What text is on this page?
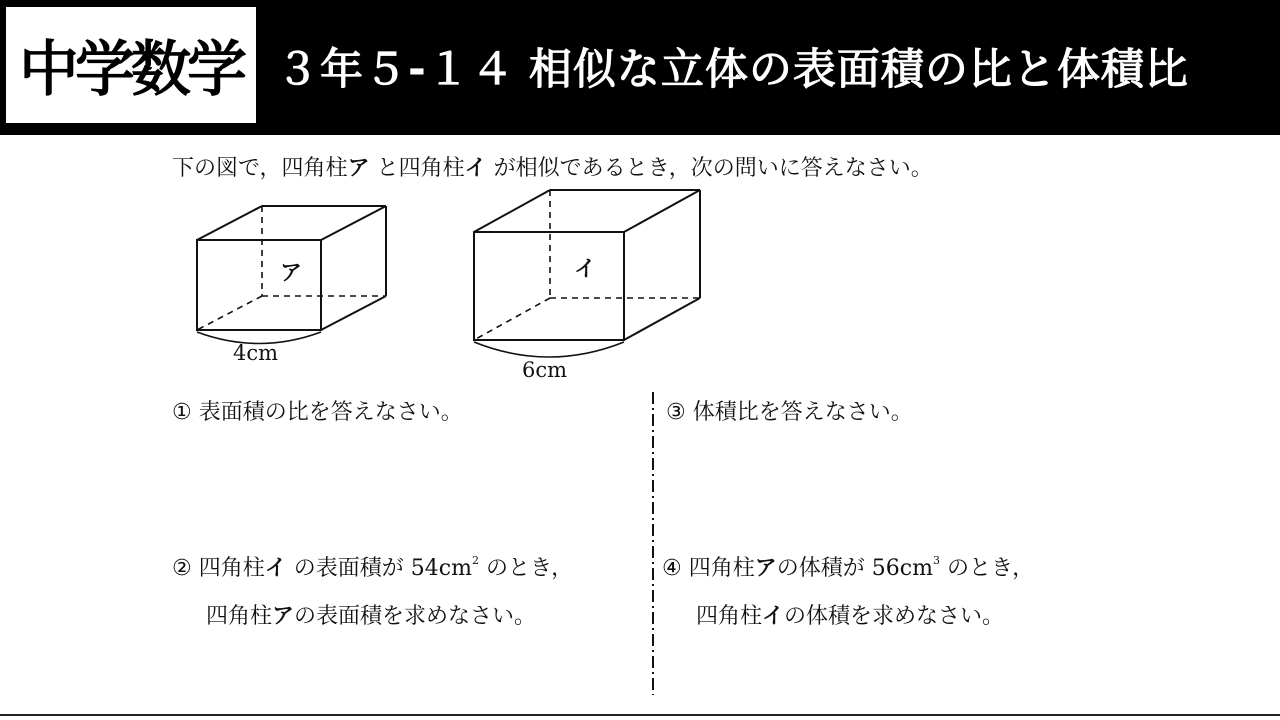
中学数学 ３年５-１４ 相似な立体の表面積の比と体積比
下の図で，四角柱ア と四角柱イ が相似であるとき，次の問いに答えなさい。
ア
4cm
イ
6cm
① 表面積の比を答えなさい。	③ 体積比を答えなさい。
② 四角柱イ の表面積が $54cm^2$ のとき，
四角柱アの表面積を求めなさい。
④ 四角柱アの体積が $56cm^3$ のとき，
四角柱イの体積を求めなさい。
